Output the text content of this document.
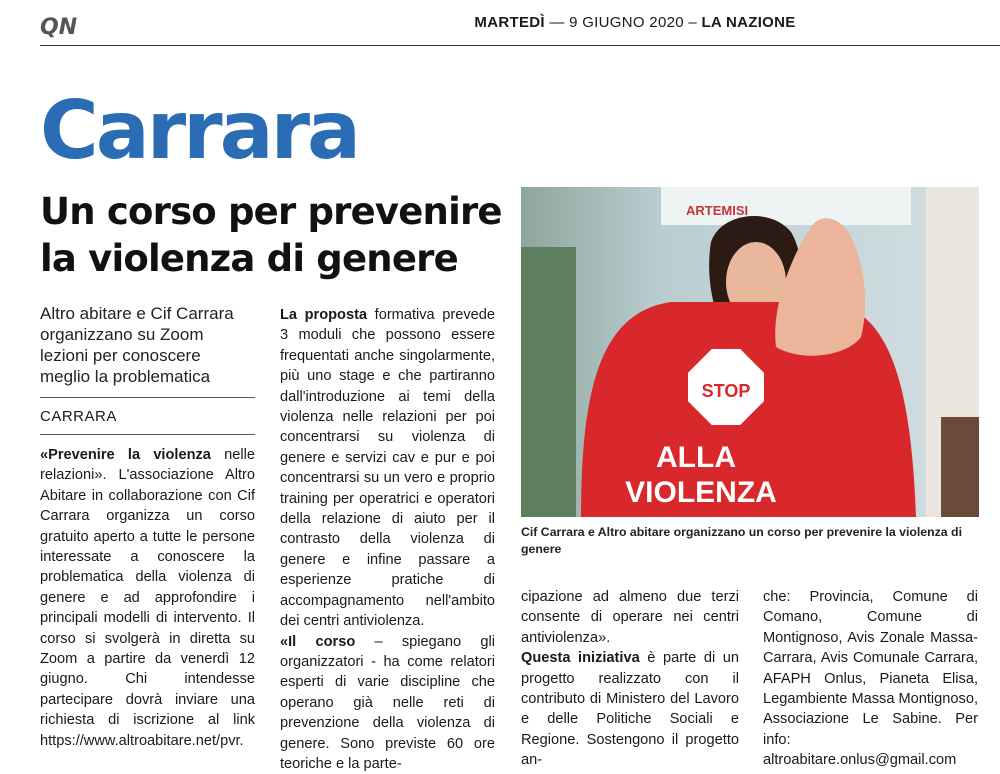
QN	MARTEDÌ — 9 GIUGNO 2020 – LA NAZIONE
Carrara
Un corso per prevenire
la violenza di genere
Altro abitare e Cif Carrara organizzano su Zoom lezioni per conoscere meglio la problematica
CARRARA

«Prevenire la violenza nelle relazioni». L'associazione Altro Abitare in collaborazione con Cif Carrara organizza un corso gratuito aperto a tutte le persone interessate a conoscere la problematica della violenza di genere e ad approfondire i principali modelli di intervento. Il corso si svolgerà in diretta su Zoom a partire da venerdì 12 giugno. Chi intendesse partecipare dovrà inviare una richiesta di iscrizione al link https://www.altroabitare.net/pvr.

La proposta formativa prevede 3 moduli che possono essere frequentati anche singolarmente, più uno stage e che partiranno dall'introduzione ai temi della violenza nelle relazioni per poi concentrarsi su violenza di genere e servizi cav e pur e poi concentrarsi su un vero e proprio training per operatrici e operatori della relazione di aiuto per il contrasto della violenza di genere e infine passare a esperienze pratiche di accompagnamento nell'ambito dei centri antiviolenza.

«Il corso – spiegano gli organizzatori - ha come relatori esperti di varie discipline che operano già nelle reti di prevenzione della violenza di genere. Sono previste 60 ore teoriche e la parte-

cipazione ad almeno due terzi consente di operare nei centri antiviolenza».

Questa iniziativa è parte di un progetto realizzato con il contributo di Ministero del Lavoro e delle Politiche Sociali e Regione. Sostengono il progetto an-

che: Provincia, Comune di Comano, Comune di Montignoso, Avis Zonale Massa-Carrara, Avis Comunale Carrara, AFAPH Onlus, Pianeta Elisa, Legambiente Massa Montignoso, Associazione Le Sabine. Per info: altroabitare.onlus@gmail.com

ARTEMISI
STOP
ALLA
VIOLENZA
Cif Carrara e Altro abitare organizzano un corso per prevenire la violenza di genere
